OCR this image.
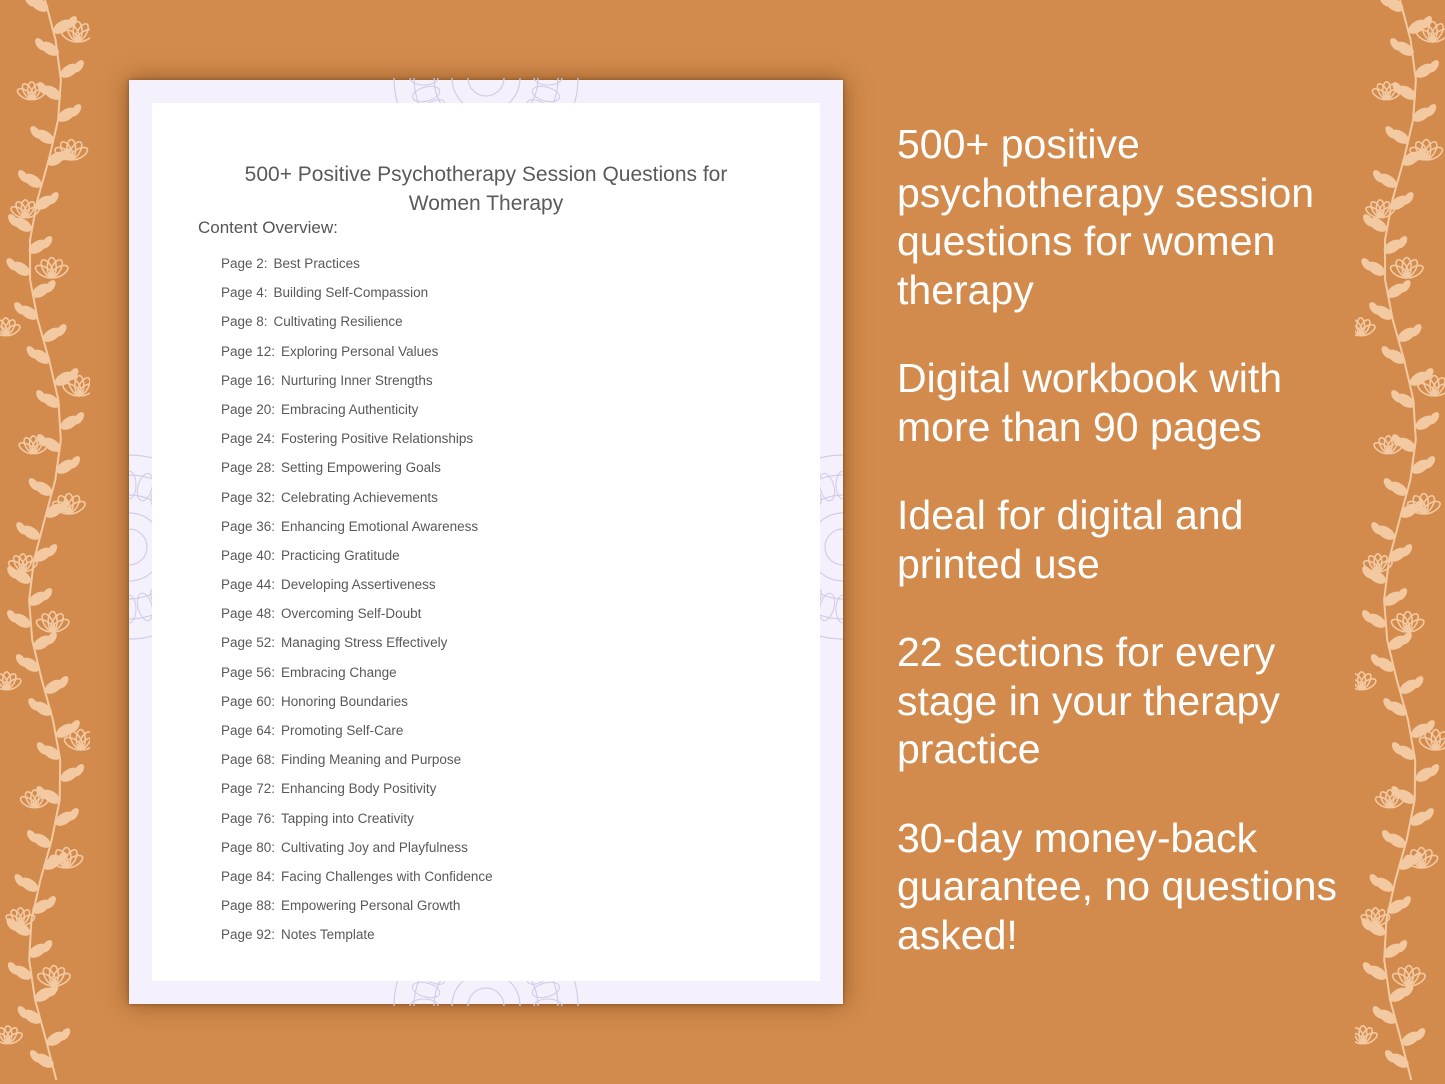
500+ Positive Psychotherapy Session Questions for
Women Therapy
Content Overview:
Page 2: Best Practices
Page 4: Building Self-Compassion
Page 8: Cultivating Resilience
Page 12: Exploring Personal Values
Page 16: Nurturing Inner Strengths
Page 20: Embracing Authenticity
Page 24: Fostering Positive Relationships
Page 28: Setting Empowering Goals
Page 32: Celebrating Achievements
Page 36: Enhancing Emotional Awareness
Page 40: Practicing Gratitude
Page 44: Developing Assertiveness
Page 48: Overcoming Self-Doubt
Page 52: Managing Stress Effectively
Page 56: Embracing Change
Page 60: Honoring Boundaries
Page 64: Promoting Self-Care
Page 68: Finding Meaning and Purpose
Page 72: Enhancing Body Positivity
Page 76: Tapping into Creativity
Page 80: Cultivating Joy and Playfulness
Page 84: Facing Challenges with Confidence
Page 88: Empowering Personal Growth
Page 92: Notes Template
500+ positive psychotherapy session questions for women therapy
Digital workbook with more than 90 pages
Ideal for digital and printed use
22 sections for every stage in your therapy practice
30-day money-back guarantee, no questions asked!
